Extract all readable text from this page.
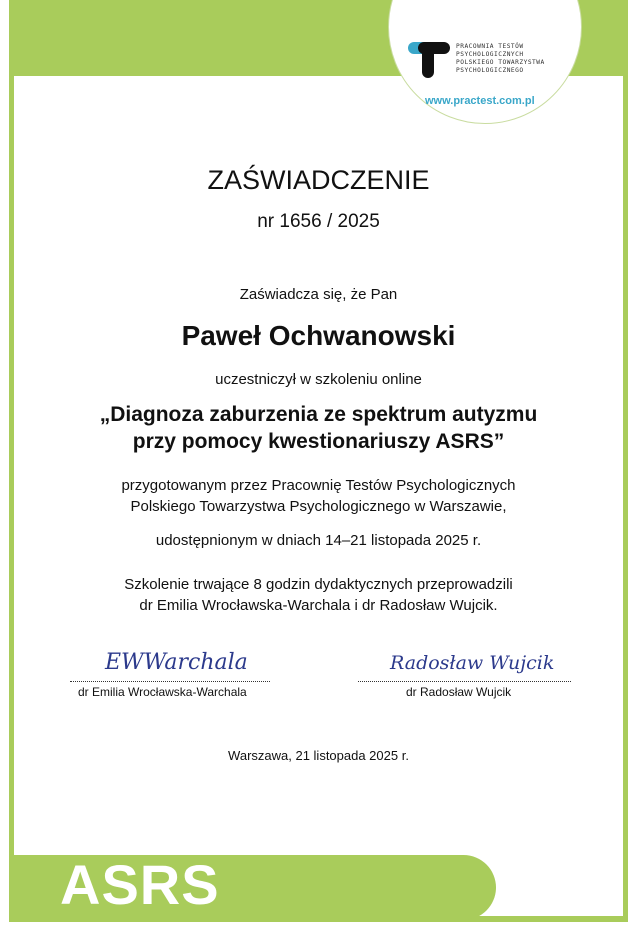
ASRS
PRACOWNIA TESTÓW
PSYCHOLOGICZNYCH
POLSKIEGO TOWARZYSTWA
PSYCHOLOGICZNEGO
www.practest.com.pl
ZAŚWIADCZENIE
nr 1656 / 2025
Zaświadcza się, że Pan
Paweł Ochwanowski
uczestniczył w szkoleniu online
„Diagnoza zaburzenia ze spektrum autyzmu
przy pomocy kwestionariuszy ASRS”
przygotowanym przez Pracownię Testów Psychologicznych
Polskiego Towarzystwa Psychologicznego w Warszawie,
udostępnionym w dniach 14–21 listopada 2025 r.
Szkolenie trwające 8 godzin dydaktycznych przeprowadzili
dr Emilia Wrocławska-Warchala i dr Radosław Wujcik.
EWWarchala
dr Emilia Wrocławska-Warchala
Radosław Wujcik
dr Radosław Wujcik
Warszawa, 21 listopada 2025 r.
